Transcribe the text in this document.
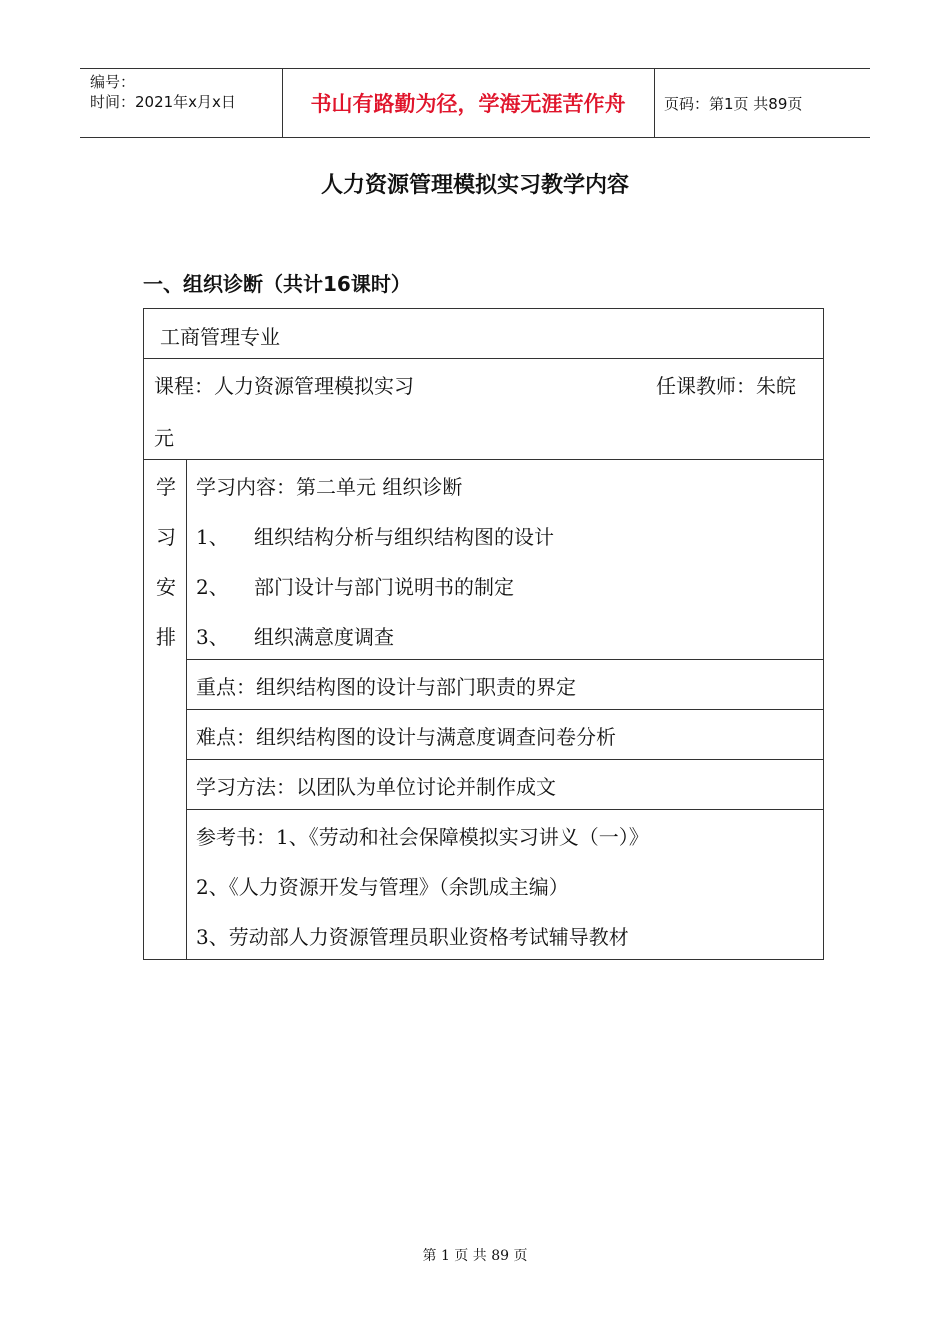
编号：
时间：2021年x月x日	书山有路勤为径，学海无涯苦作舟	页码：第1页 共89页
人力资源管理模拟实习教学内容
一、组织诊断（共计16课时）
工商管理专业
课程：人力资源管理模拟实习	任课教师：朱皖
元
学
习
安
排
学习内容：第二单元 组织诊断
1、 组织结构分析与组织结构图的设计
2、 部门设计与部门说明书的制定
3、 组织满意度调查
重点：组织结构图的设计与部门职责的界定
难点：组织结构图的设计与满意度调查问卷分析
学习方法：以团队为单位讨论并制作成文
参考书：1、《劳动和社会保障模拟实习讲义（一）》
2、《人力资源开发与管理》（余凯成主编）
3、劳动部人力资源管理员职业资格考试辅导教材
第 1 页 共 89 页
